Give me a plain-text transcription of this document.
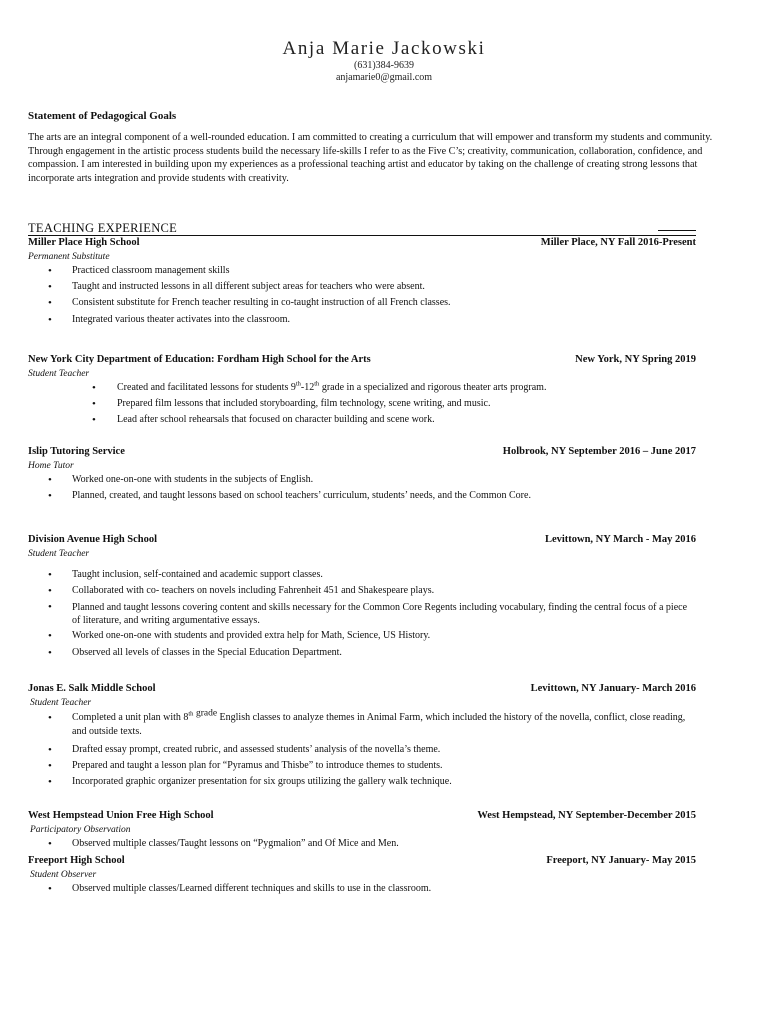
Anja Marie Jackowski
(631)384-9639
anjamarie0@gmail.com
Statement of Pedagogical Goals
The arts are an integral component of a well-rounded education. I am committed to creating a curriculum that will empower and transform my students and community. Through engagement in the artistic process students build the necessary life-skills I refer to as the Five C’s; creativity, communication, collaboration, confidence, and compassion. I am interested in building upon my experiences as a professional teaching artist and educator by taking on the challenge of creating strong lessons that incorporate arts integration and provide students with creativity.
TEACHING EXPERIENCE
Miller Place High School	Miller Place, NY Fall 2016-Present
Permanent Substitute
• Practiced classroom management skills
• Taught and instructed lessons in all different subject areas for teachers who were absent.
• Consistent substitute for French teacher resulting in co-taught instruction of all French classes.
• Integrated various theater activates into the classroom.
New York City Department of Education: Fordham High School for the Arts	New York, NY Spring 2019
Student Teacher
• Created and facilitated lessons for students 9th-12th grade in a specialized and rigorous theater arts program.
• Prepared film lessons that included storyboarding, film technology, scene writing, and music.
• Lead after school rehearsals that focused on character building and scene work.
Islip Tutoring Service	Holbrook, NY September 2016 – June 2017
Home Tutor
• Worked one-on-one with students in the subjects of English.
• Planned, created, and taught lessons based on school teachers’ curriculum, students’ needs, and the Common Core.
Division Avenue High School	Levittown, NY March - May 2016
Student Teacher
• Taught inclusion, self-contained and academic support classes.
• Collaborated with co- teachers on novels including Fahrenheit 451 and Shakespeare plays.
• Planned and taught lessons covering content and skills necessary for the Common Core Regents including vocabulary, finding the central focus of a piece of literature, and writing argumentative essays.
• Worked one-on-one with students and provided extra help for Math, Science, US History.
• Observed all levels of classes in the Special Education Department.
Jonas E. Salk Middle School	Levittown, NY January- March 2016
Student Teacher
• Completed a unit plan with 8th $^{grade}$ English classes to analyze themes in Animal Farm, which included the history of the novella, conflict, close reading, and outside texts.
• Drafted essay prompt, created rubric, and assessed students’ analysis of the novella’s theme.
• Prepared and taught a lesson plan for “Pyramus and Thisbe” to introduce themes to students.
• Incorporated graphic organizer presentation for six groups utilizing the gallery walk technique.
West Hempstead Union Free High School	West Hempstead, NY September-December 2015
Participatory Observation
• Observed multiple classes/Taught lessons on “Pygmalion” and Of Mice and Men.
Freeport High School	Freeport, NY January- May 2015
Student Observer
• Observed multiple classes/Learned different techniques and skills to use in the classroom.
